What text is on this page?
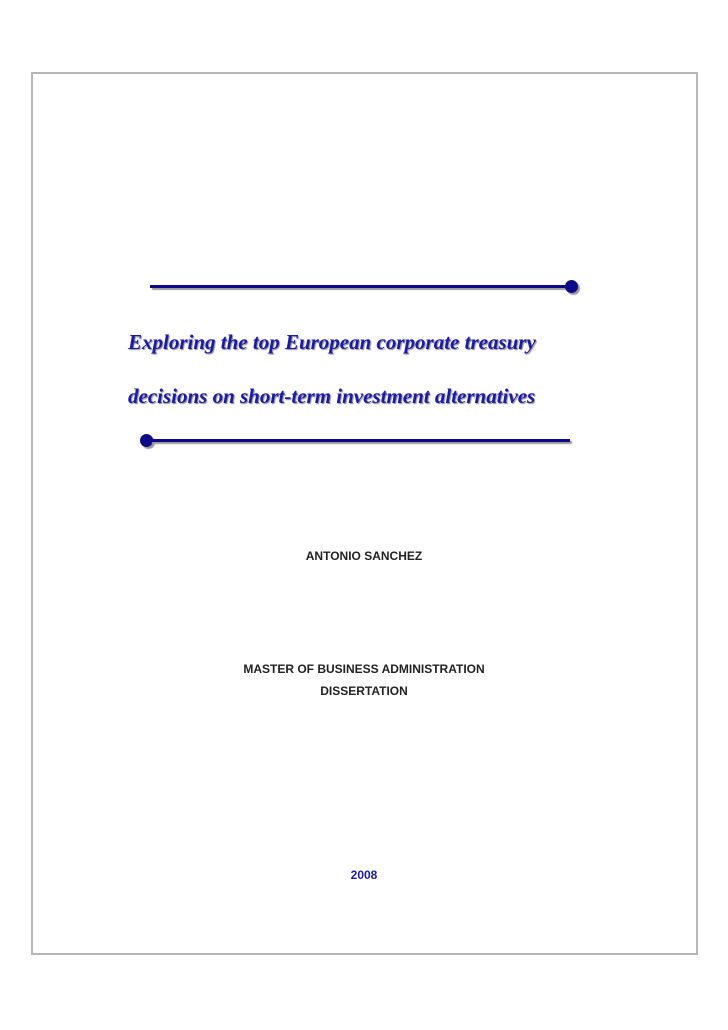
Exploring the top European corporate treasury
decisions on short-term investment alternatives

ANTONIO SANCHEZ

MASTER OF BUSINESS ADMINISTRATION

DISSERTATION

2008
